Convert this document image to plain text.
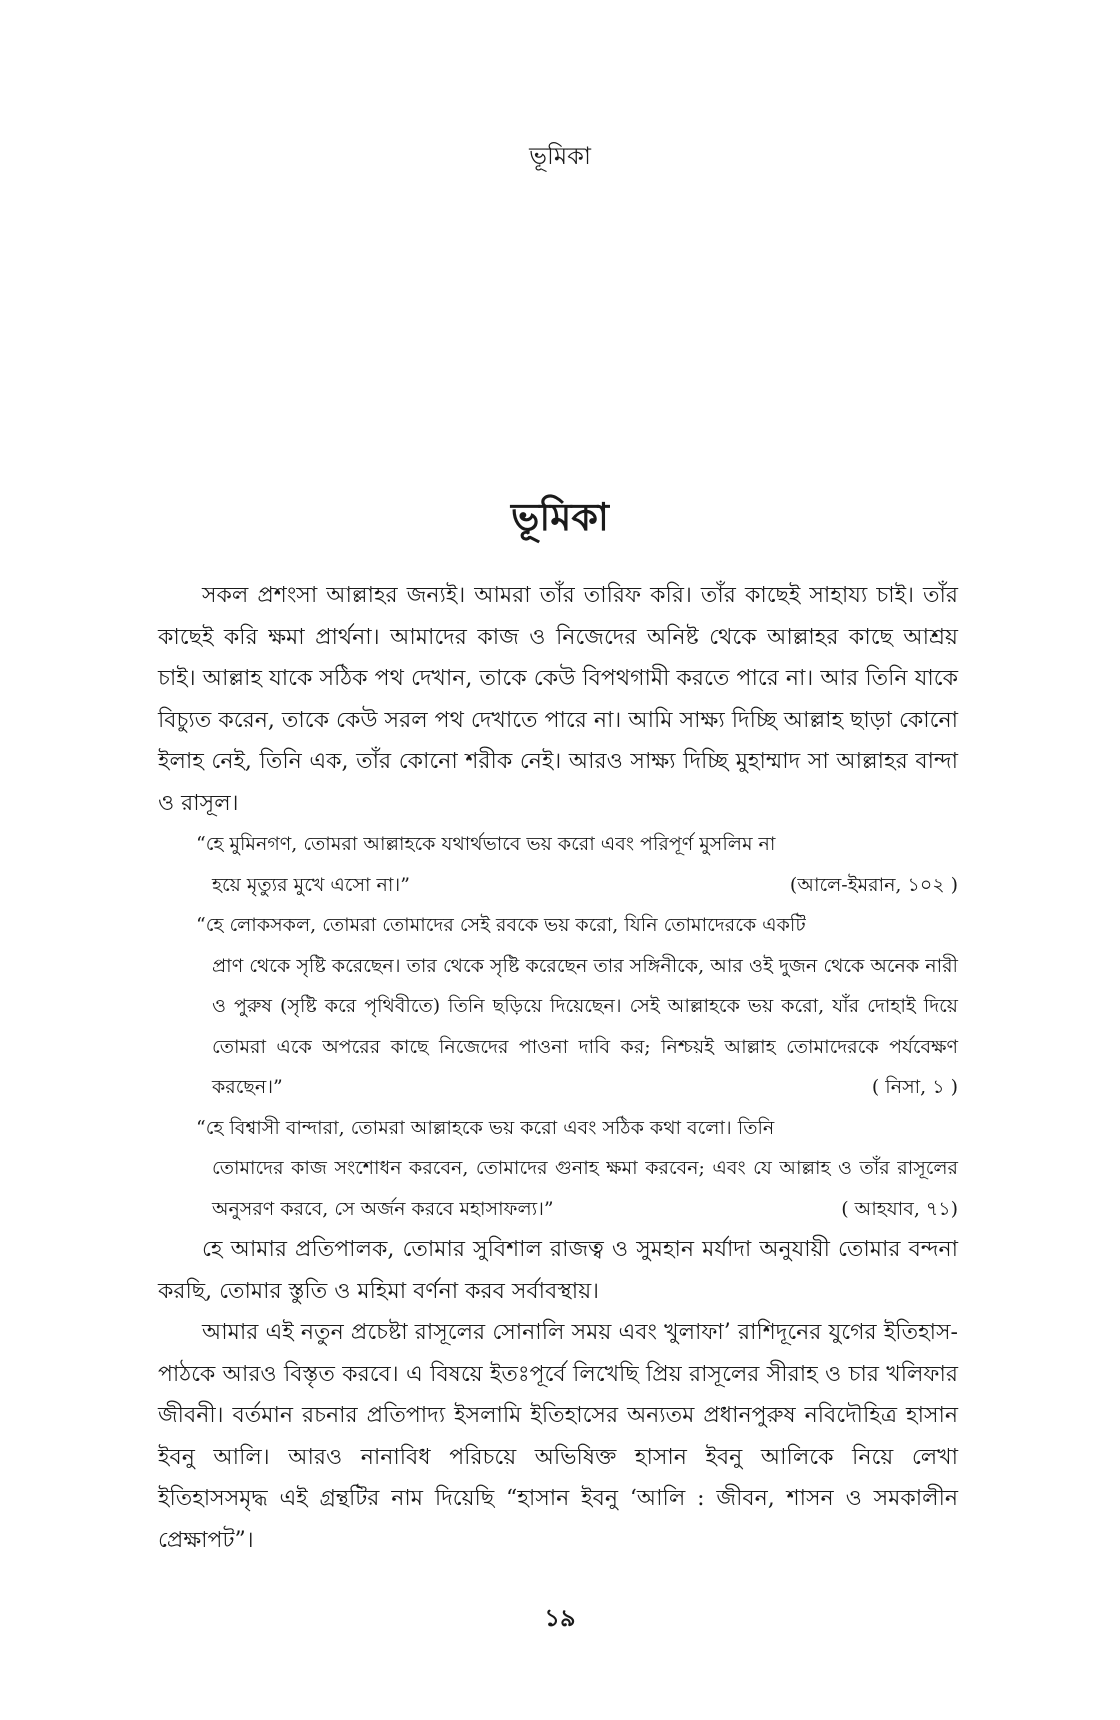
ভূমিকা
ভূমিকা

সকল প্রশংসা আল্লাহর জন্যই। আমরা তাঁর তারিফ করি। তাঁর কাছেই সাহায্য চাই। তাঁর কাছেই করি ক্ষমা প্রার্থনা। আমাদের কাজ ও নিজেদের অনিষ্ট থেকে আল্লাহর কাছে আশ্রয় চাই। আল্লাহ যাকে সঠিক পথ দেখান, তাকে কেউ বিপথগামী করতে পারে না। আর তিনি যাকে বিচ্যুত করেন, তাকে কেউ সরল পথ দেখাতে পারে না। আমি সাক্ষ্য দিচ্ছি আল্লাহ ছাড়া কোনো ইলাহ নেই, তিনি এক, তাঁর কোনো শরীক নেই। আরও সাক্ষ্য দিচ্ছি মুহাম্মাদ সা আল্লাহর বান্দা ও রাসূল।

“হে মুমিনগণ, তোমরা আল্লাহকে যথার্থভাবে ভয় করো এবং পরিপূর্ণ মুসলিম না
হয়ে মৃত্যুর মুখে এসো না।”	(আলে-ইমরান, ১০২ )
“হে লোকসকল, তোমরা তোমাদের সেই রবকে ভয় করো, যিনি তোমাদেরকে একটি
প্রাণ থেকে সৃষ্টি করেছেন। তার থেকে সৃষ্টি করেছেন তার সঙ্গিনীকে, আর ওই দুজন থেকে অনেক নারী ও পুরুষ (সৃষ্টি করে পৃথিবীতে) তিনি ছড়িয়ে দিয়েছেন। সেই আল্লাহকে ভয় করো, যাঁর দোহাই দিয়ে তোমরা একে অপরের কাছে নিজেদের পাওনা দাবি কর; নিশ্চয়ই আল্লাহ তোমাদেরকে পর্যবেক্ষণ করছেন।”	( নিসা, ১ )
“হে বিশ্বাসী বান্দারা, তোমরা আল্লাহকে ভয় করো এবং সঠিক কথা বলো। তিনি
তোমাদের কাজ সংশোধন করবেন, তোমাদের গুনাহ ক্ষমা করবেন; এবং যে আল্লাহ ও তাঁর রাসূলের অনুসরণ করবে, সে অর্জন করবে মহাসাফল্য।”	( আহযাব, ৭১)

হে আমার প্রতিপালক, তোমার সুবিশাল রাজত্ব ও সুমহান মর্যাদা অনুযায়ী তোমার বন্দনা করছি, তোমার স্তুতি ও মহিমা বর্ণনা করব সর্বাবস্থায়।

আমার এই নতুন প্রচেষ্টা রাসূলের সোনালি সময় এবং খুলাফা’ রাশিদূনের যুগের ইতিহাস-পাঠকে আরও বিস্তৃত করবে। এ বিষয়ে ইতঃপূর্বে লিখেছি প্রিয় রাসূলের সীরাহ ও চার খলিফার জীবনী। বর্তমান রচনার প্রতিপাদ্য ইসলামি ইতিহাসের অন্যতম প্রধানপুরুষ নবিদৌহিত্র হাসান ইবনু আলি। আরও নানাবিধ পরিচয়ে অভিষিক্ত হাসান ইবনু আলিকে নিয়ে লেখা ইতিহাসসমৃদ্ধ এই গ্রন্থটির নাম দিয়েছি “হাসান ইবনু ‘আলি : জীবন, শাসন ও সমকালীন প্রেক্ষাপট”।

১৯
